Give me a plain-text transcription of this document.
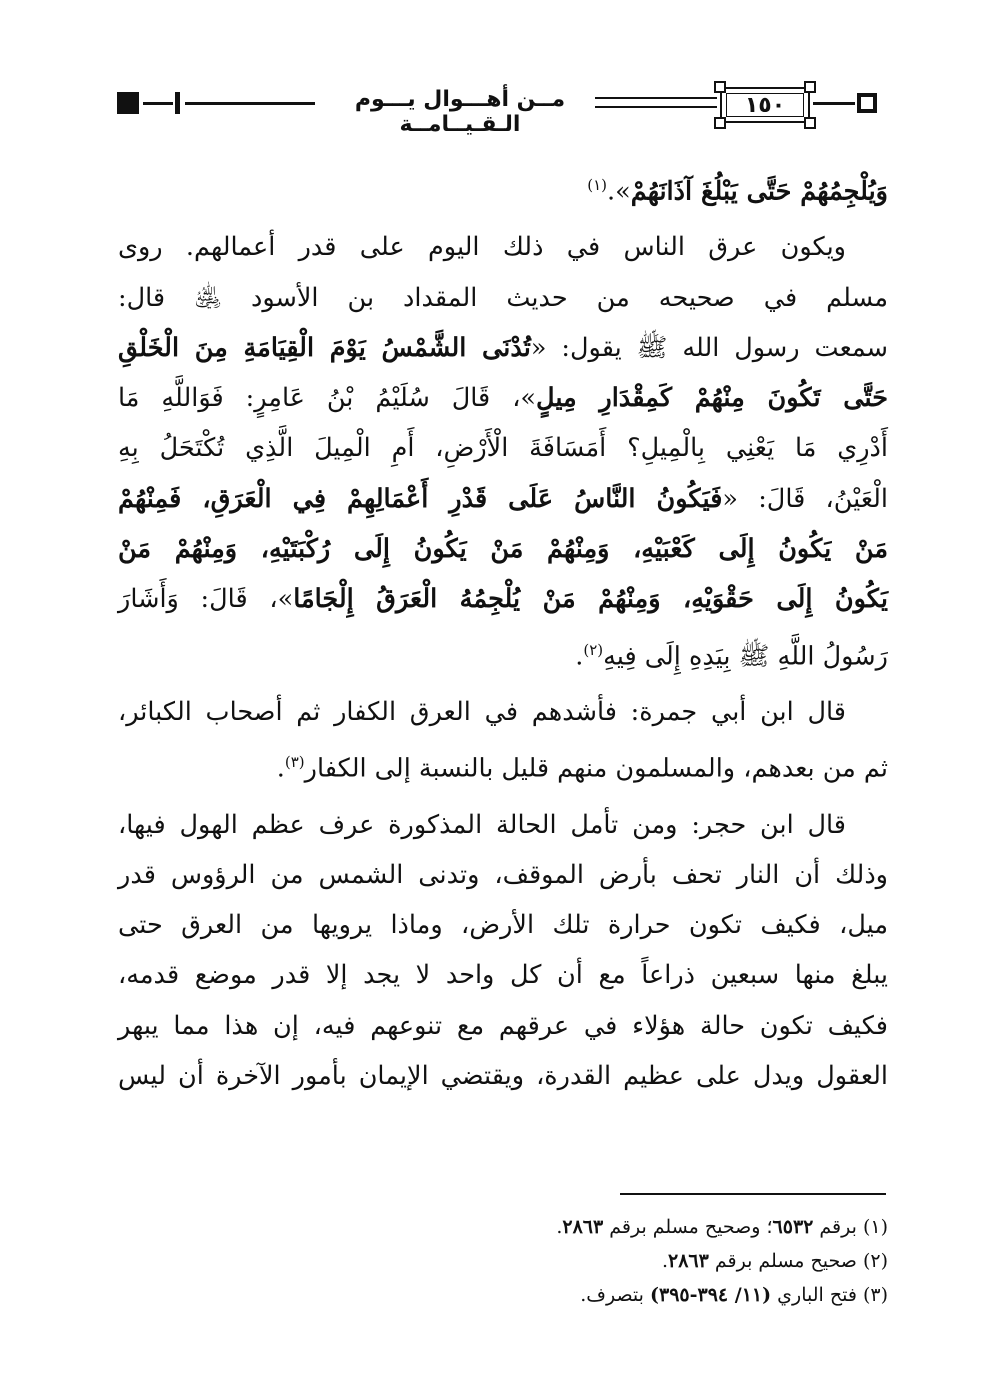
مــن أهـــوال يـــوم الـقـيــامــة
١٥٠
وَيُلْجِمُهُمْ حَتَّى يَبْلُغَ آذَانَهُمْ».$^{(١)}$
ويكون عرق الناس في ذلك اليوم على قدر أعمالهم. روى
مسلم في صحيحه من حديث المقداد بن الأسود ﵁ قال:
سمعت رسول الله ﷺ يقول: «تُدْنَى الشَّمْسُ يَوْمَ الْقِيَامَةِ مِنَ الْخَلْقِ
حَتَّى تَكُونَ مِنْهُمْ كَمِقْدَارِ مِيلٍ»، قَالَ سُلَيْمُ بْنُ عَامِرٍ: فَوَاللَّهِ مَا
أَدْرِي مَا يَعْنِي بِالْمِيلِ؟ أَمَسَافَةَ الْأَرْضِ، أَمِ الْمِيلَ الَّذِي تُكْتَحَلُ بِهِ
الْعَيْنُ، قَالَ: «فَيَكُونُ النَّاسُ عَلَى قَدْرِ أَعْمَالِهِمْ فِي الْعَرَقِ، فَمِنْهُمْ
مَنْ يَكُونُ إِلَى كَعْبَيْهِ، وَمِنْهُمْ مَنْ يَكُونُ إِلَى رُكْبَتَيْهِ، وَمِنْهُمْ مَنْ
يَكُونُ إِلَى حَقْوَيْهِ، وَمِنْهُمْ مَنْ يُلْجِمُهُ الْعَرَقُ إِلْجَامًا»، قَالَ: وَأَشَارَ
رَسُولُ اللَّهِ ﷺ بِيَدِهِ إِلَى فِيهِ$^{(٢)}$.
قال ابن أبي جمرة: فأشدهم في العرق الكفار ثم أصحاب الكبائر،
ثم من بعدهم، والمسلمون منهم قليل بالنسبة إلى الكفار$^{(٣)}$.
قال ابن حجر: ومن تأمل الحالة المذكورة عرف عظم الهول فيها،
وذلك أن النار تحف بأرض الموقف، وتدنى الشمس من الرؤوس قدر
ميل، فكيف تكون حرارة تلك الأرض، وماذا يرويها من العرق حتى
يبلغ منها سبعين ذراعاً مع أن كل واحد لا يجد إلا قدر موضع قدمه،
فكيف تكون حالة هؤلاء في عرقهم مع تنوعهم فيه، إن هذا مما يبهر
العقول ويدل على عظيم القدرة، ويقتضي الإيمان بأمور الآخرة أن ليس
(١) برقم ٦٥٣٢؛ وصحيح مسلم برقم ٢٨٦٣.
(٢) صحيح مسلم برقم ٢٨٦٣.
(٣) فتح الباري (١١/ ٣٩٤-٣٩٥) بتصرف.
